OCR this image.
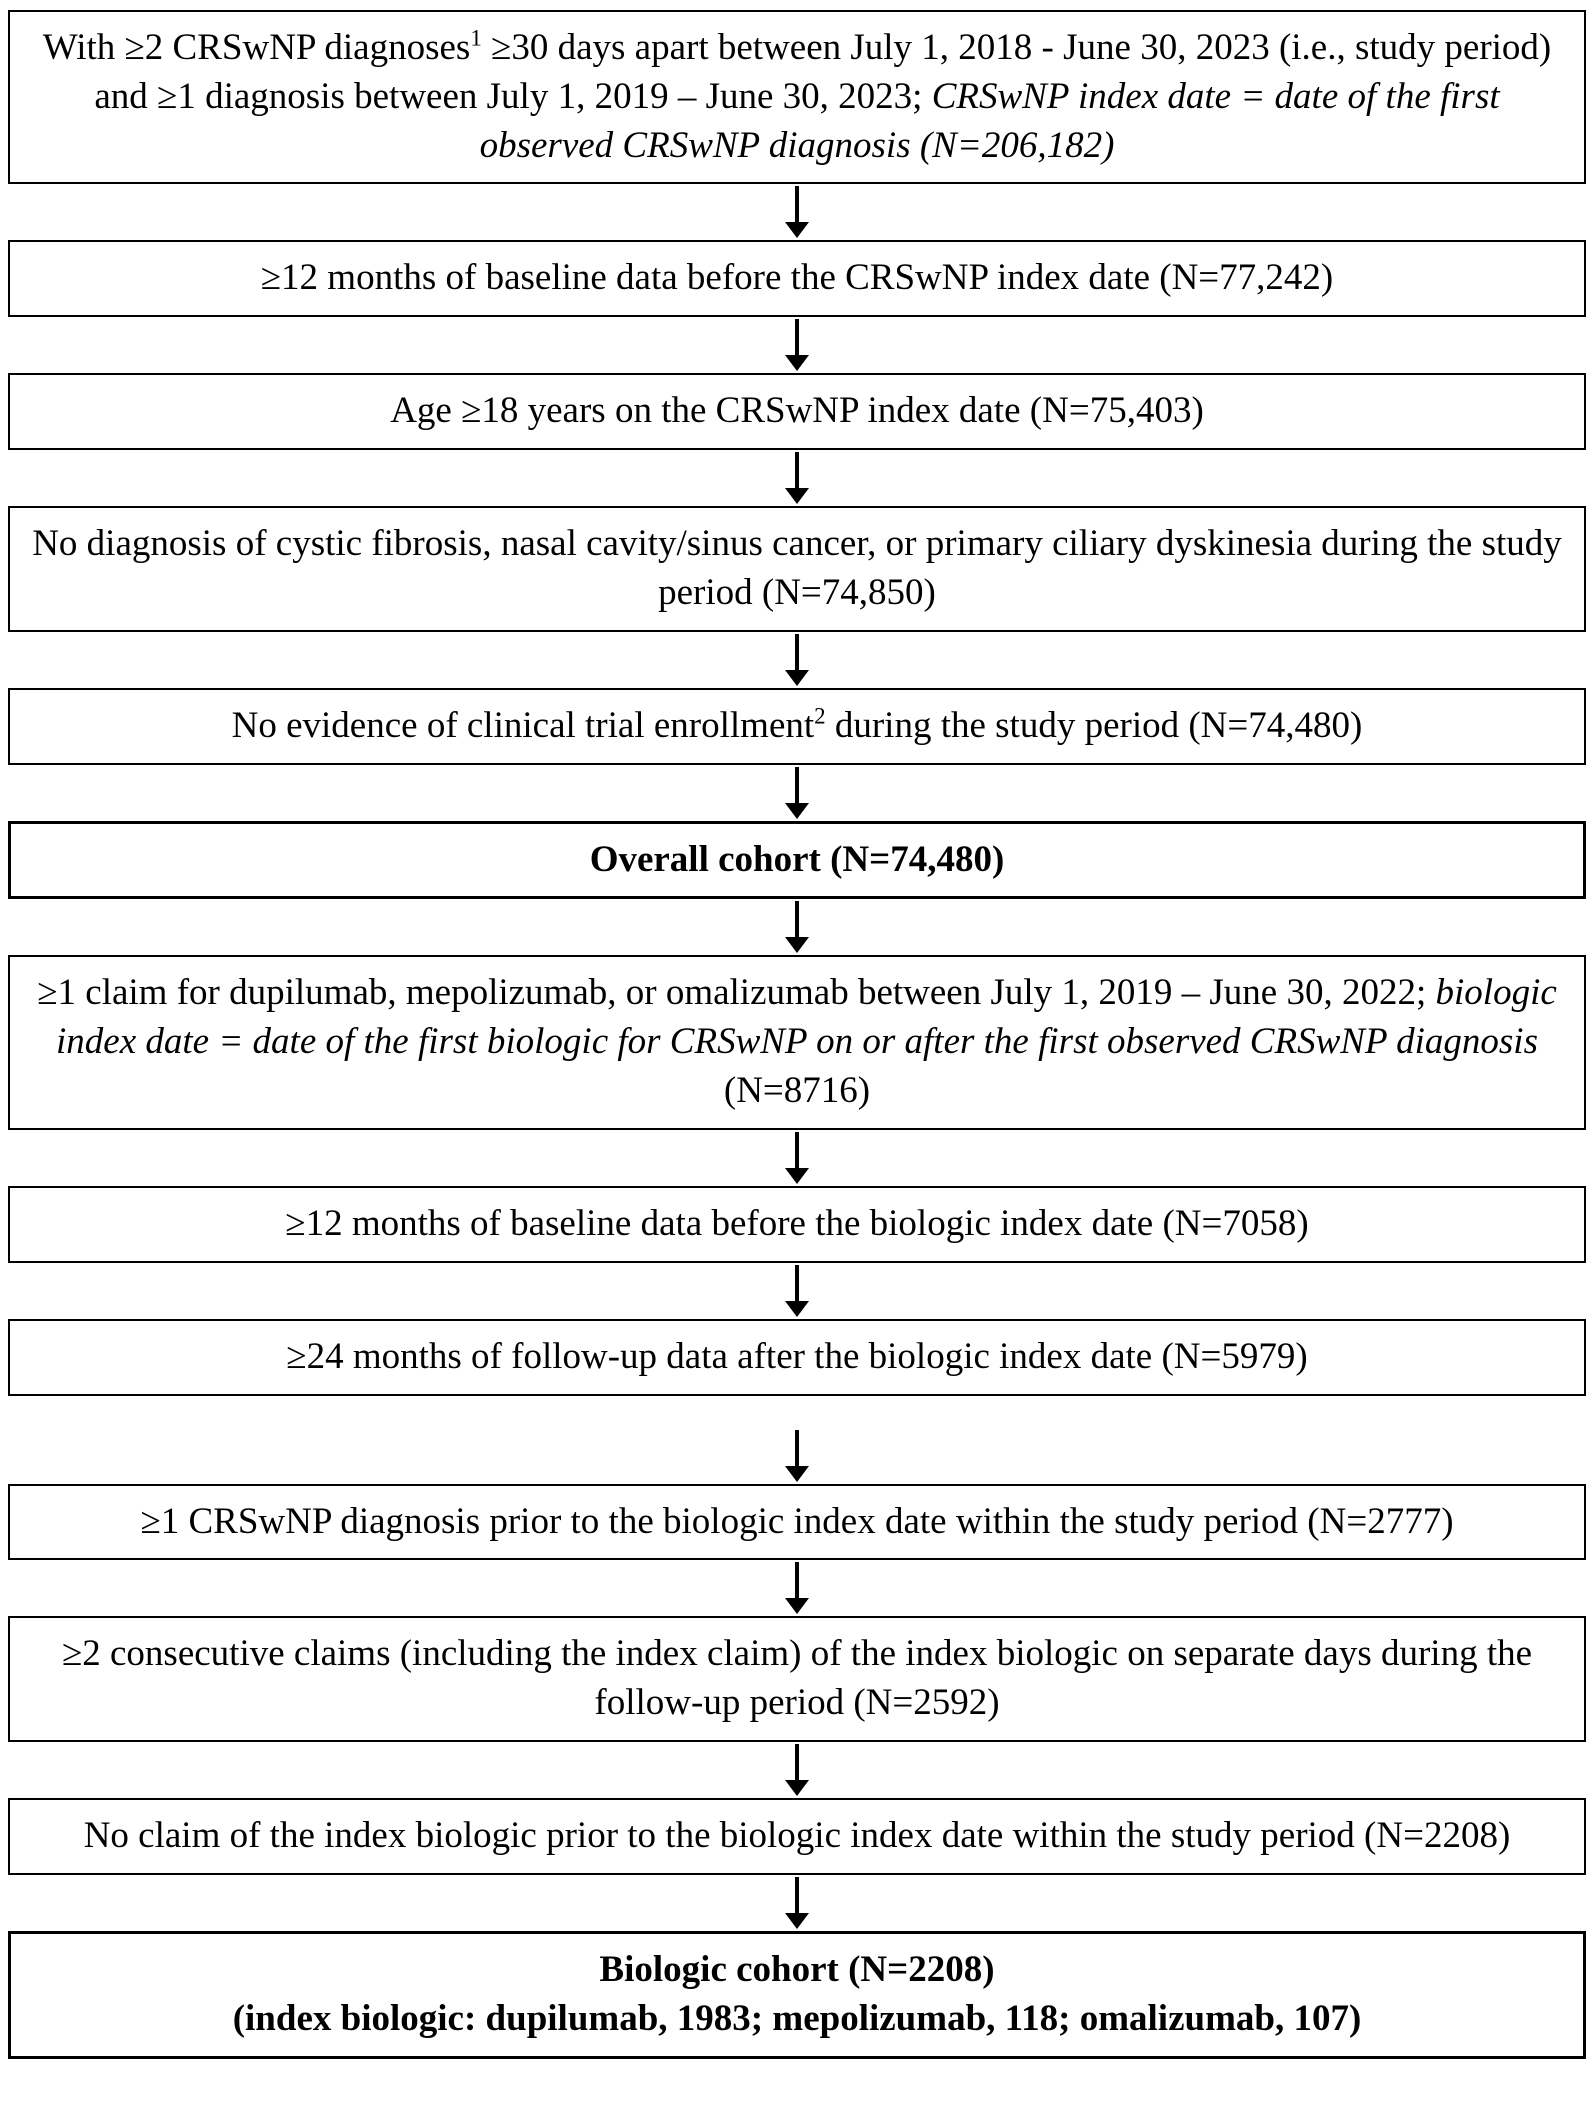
With ≥2 CRSwNP diagnoses$^1$ ≥30 days apart between July 1, 2018 - June 30, 2023 (i.e., study period) and ≥1 diagnosis between July 1, 2019 – June 30, 2023; CRSwNP index date = date of the first observed CRSwNP diagnosis (N=206,182)
≥12 months of baseline data before the CRSwNP index date (N=77,242)
Age ≥18 years on the CRSwNP index date (N=75,403)
No diagnosis of cystic fibrosis, nasal cavity/sinus cancer, or primary ciliary dyskinesia during the study period (N=74,850)
No evidence of clinical trial enrollment$^2$ during the study period (N=74,480)
Overall cohort (N=74,480)
≥1 claim for dupilumab, mepolizumab, or omalizumab between July 1, 2019 – June 30, 2022; biologic index date = date of the first biologic for CRSwNP on or after the first observed CRSwNP diagnosis (N=8716)
≥12 months of baseline data before the biologic index date (N=7058)
≥24 months of follow-up data after the biologic index date (N=5979)
≥1 CRSwNP diagnosis prior to the biologic index date within the study period (N=2777)
≥2 consecutive claims (including the index claim) of the index biologic on separate days during the follow-up period (N=2592)
No claim of the index biologic prior to the biologic index date within the study period (N=2208)
Biologic cohort (N=2208)
(index biologic: dupilumab, 1983; mepolizumab, 118; omalizumab, 107)
